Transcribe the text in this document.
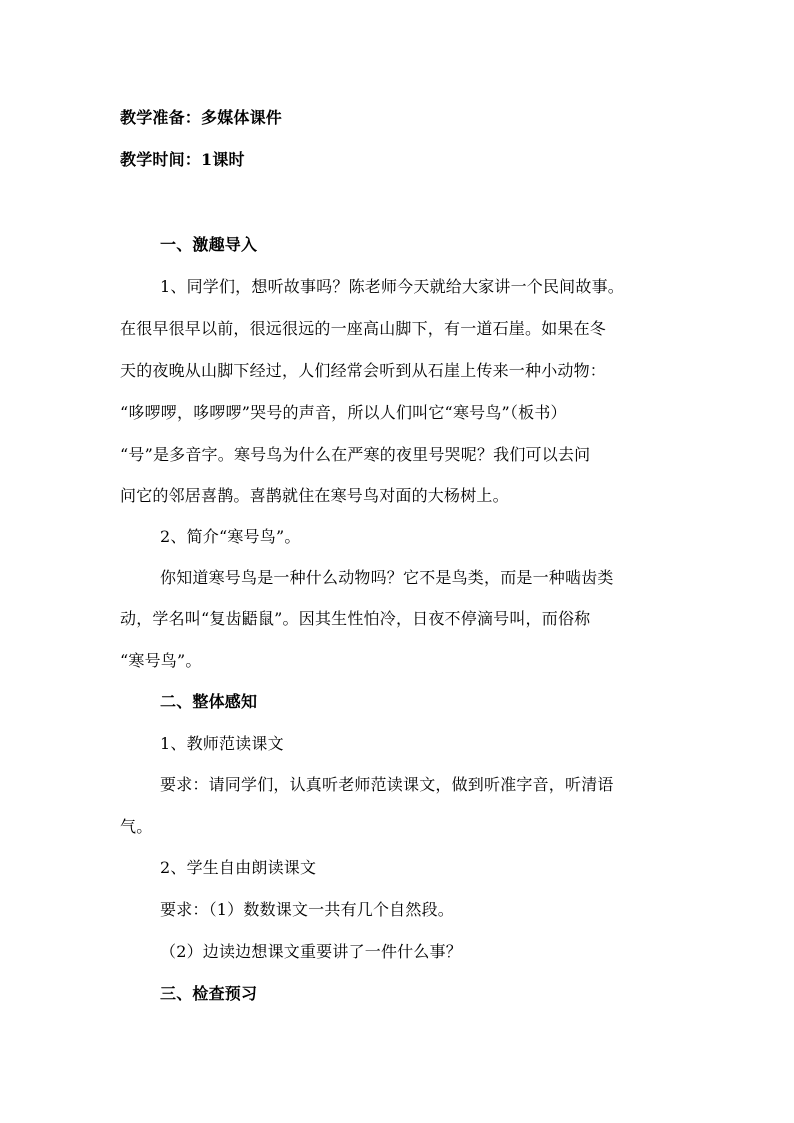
教学准备：多媒体课件
教学时间：1课时
一、激趣导入
1、同学们，想听故事吗？陈老师今天就给大家讲一个民间故事。
在很早很早以前，很远很远的一座高山脚下，有一道石崖。如果在冬
天的夜晚从山脚下经过，人们经常会听到从石崖上传来一种小动物：
“哆啰啰，哆啰啰”哭号的声音，所以人们叫它“寒号鸟”（板书）
“号”是多音字。寒号鸟为什么在严寒的夜里号哭呢？我们可以去问
问它的邻居喜鹊。喜鹊就住在寒号鸟对面的大杨树上。
2、简介“寒号鸟”。
你知道寒号鸟是一种什么动物吗？它不是鸟类，而是一种啮齿类
动，学名叫“复齿鼯鼠”。因其生性怕冷，日夜不停滴号叫，而俗称
“寒号鸟”。
二、整体感知
1、教师范读课文
要求：请同学们，认真听老师范读课文，做到听准字音，听清语
气。
2、学生自由朗读课文
要求：（1）数数课文一共有几个自然段。
（2）边读边想课文重要讲了一件什么事？
三、检查预习
